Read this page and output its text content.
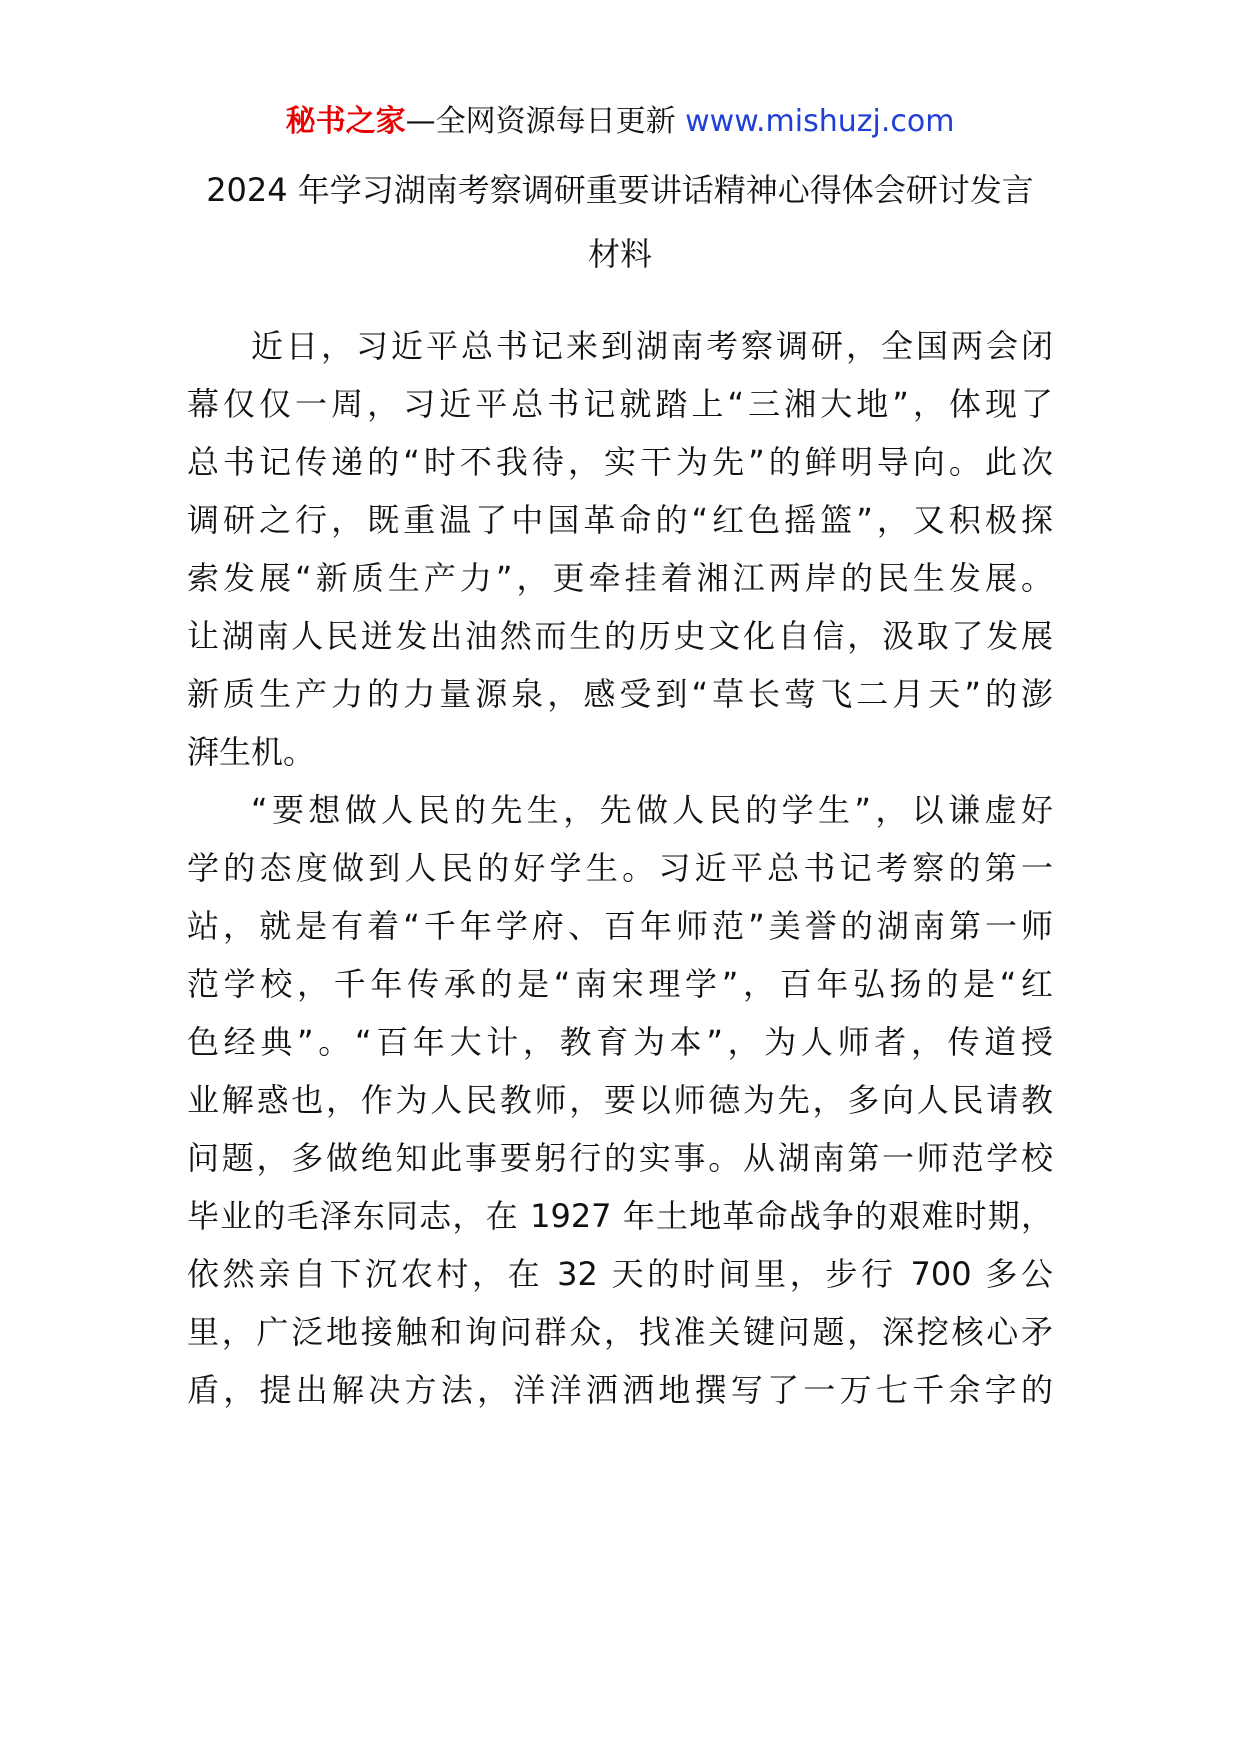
秘书之家—全网资源每日更新 www.mishuzj.com
2024 年学习湖南考察调研重要讲话精神心得体会研讨发言
材料
近日，习近平总书记来到湖南考察调研，全国两会闭
幕仅仅一周，习近平总书记就踏上“三湘大地”，体现了
总书记传递的“时不我待，实干为先”的鲜明导向。此次
调研之行，既重温了中国革命的“红色摇篮”，又积极探
索发展“新质生产力”，更牵挂着湘江两岸的民生发展。
让湖南人民迸发出油然而生的历史文化自信，汲取了发展
新质生产力的力量源泉，感受到“草长莺飞二月天”的澎
湃生机。
“要想做人民的先生，先做人民的学生”，以谦虚好
学的态度做到人民的好学生。习近平总书记考察的第一
站，就是有着“千年学府、百年师范”美誉的湖南第一师
范学校，千年传承的是“南宋理学”，百年弘扬的是“红
色经典”。“百年大计，教育为本”，为人师者，传道授
业解惑也，作为人民教师，要以师德为先，多向人民请教
问题，多做绝知此事要躬行的实事。从湖南第一师范学校
毕业的毛泽东同志，在 1927 年土地革命战争的艰难时期，
依然亲自下沉农村，在 32 天的时间里，步行 700 多公
里，广泛地接触和询问群众，找准关键问题，深挖核心矛
盾，提出解决方法，洋洋洒洒地撰写了一万七千余字的
